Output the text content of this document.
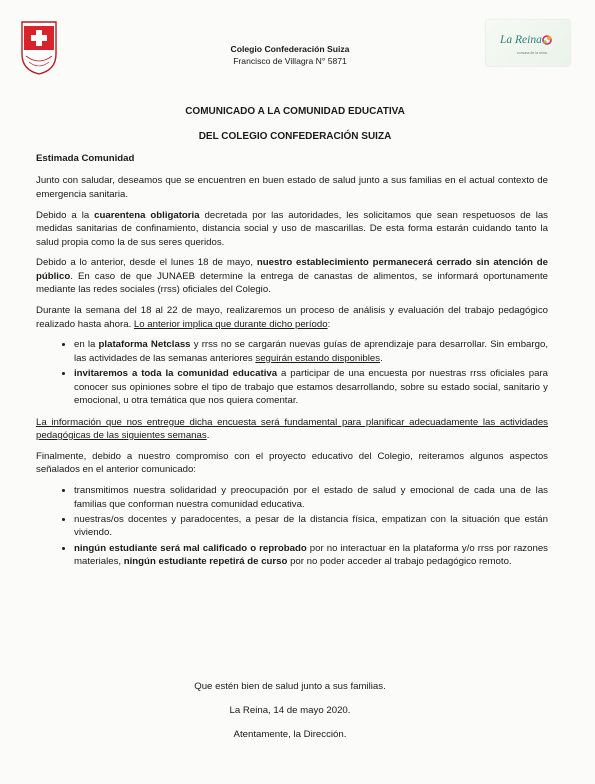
Colegio Confederación Suiza
Francisco de Villagra N° 5871
La Reina
comuna de la reina
COMUNICADO A LA COMUNIDAD EDUCATIVA
DEL COLEGIO CONFEDERACIÓN SUIZA

Estimada Comunidad

Junto con saludar, deseamos que se encuentren en buen estado de salud junto a sus familias en el actual contexto de emergencia sanitaria.

Debido a la cuarentena obligatoria decretada por las autoridades, les solicitamos que sean respetuosos de las medidas sanitarias de confinamiento, distancia social y uso de mascarillas. De esta forma estarán cuidando tanto la salud propia como la de sus seres queridos.

Debido a lo anterior, desde el lunes 18 de mayo, nuestro establecimiento permanecerá cerrado sin atención de público. En caso de que JUNAEB determine la entrega de canastas de alimentos, se informará oportunamente mediante las redes sociales (rrss) oficiales del Colegio.

Durante la semana del 18 al 22 de mayo, realizaremos un proceso de análisis y evaluación del trabajo pedagógico realizado hasta ahora. Lo anterior implica que durante dicho período:

• en la plataforma Netclass y rrss no se cargarán nuevas guías de aprendizaje para desarrollar. Sin embargo, las actividades de las semanas anteriores seguirán estando disponibles.
• invitaremos a toda la comunidad educativa a participar de una encuesta por nuestras rrss oficiales para conocer sus opiniones sobre el tipo de trabajo que estamos desarrollando, sobre su estado social, sanitario y emocional, u otra temática que nos quiera comentar.

La información que nos entregue dicha encuesta será fundamental para planificar adecuadamente las actividades pedagógicas de las siguientes semanas.

Finalmente, debido a nuestro compromiso con el proyecto educativo del Colegio, reiteramos algunos aspectos señalados en el anterior comunicado:

• transmitimos nuestra solidaridad y preocupación por el estado de salud y emocional de cada una de las familias que conforman nuestra comunidad educativa.
• nuestras/os docentes y paradocentes, a pesar de la distancia física, empatizan con la situación que están viviendo.
• ningún estudiante será mal calificado o reprobado por no interactuar en la plataforma y/o rrss por razones materiales, ningún estudiante repetirá de curso por no poder acceder al trabajo pedagógico remoto.
Que estén bien de salud junto a sus familias.
La Reina, 14 de mayo 2020.
Atentamente, la Dirección.
